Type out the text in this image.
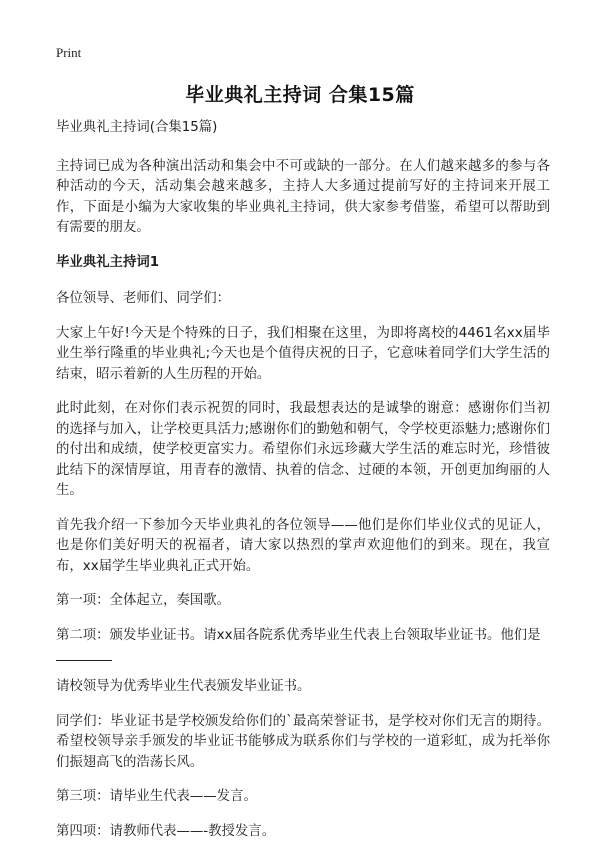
Print
毕业典礼主持词 合集15篇

毕业典礼主持词(合集15篇)

主持词已成为各种演出活动和集会中不可或缺的一部分。在人们越来越多的参与各种活动的今天，活动集会越来越多，主持人大多通过提前写好的主持词来开展工作，下面是小编为大家收集的毕业典礼主持词，供大家参考借鉴，希望可以帮助到有需要的朋友。

毕业典礼主持词1

各位领导、老师们、同学们：

大家上午好!今天是个特殊的日子，我们相聚在这里，为即将离校的4461名xx届毕业生举行隆重的毕业典礼;今天也是个值得庆祝的日子，它意味着同学们大学生活的结束，昭示着新的人生历程的开始。

此时此刻，在对你们表示祝贺的同时，我最想表达的是诚挚的谢意：感谢你们当初的选择与加入，让学校更具活力;感谢你们的勤勉和朝气，令学校更添魅力;感谢你们的付出和成绩，使学校更富实力。希望你们永远珍藏大学生活的难忘时光，珍惜彼此结下的深情厚谊，用青春的激情、执着的信念、过硬的本领，开创更加绚丽的人生。

首先我介绍一下参加今天毕业典礼的各位领导——他们是你们毕业仪式的见证人，也是你们美好明天的祝福者，请大家以热烈的掌声欢迎他们的到来。现在，我宣布，xx届学生毕业典礼正式开始。

第一项：全体起立，奏国歌。

第二项：颁发毕业证书。请xx届各院系优秀毕业生代表上台领取毕业证书。他们是

请校领导为优秀毕业生代表颁发毕业证书。

同学们：毕业证书是学校颁发给你们的`最高荣誉证书，是学校对你们无言的期待。希望校领导亲手颁发的毕业证书能够成为联系你们与学校的一道彩虹，成为托举你们振翅高飞的浩荡长风。

第三项：请毕业生代表——发言。

第四项：请教师代表——-教授发言。
